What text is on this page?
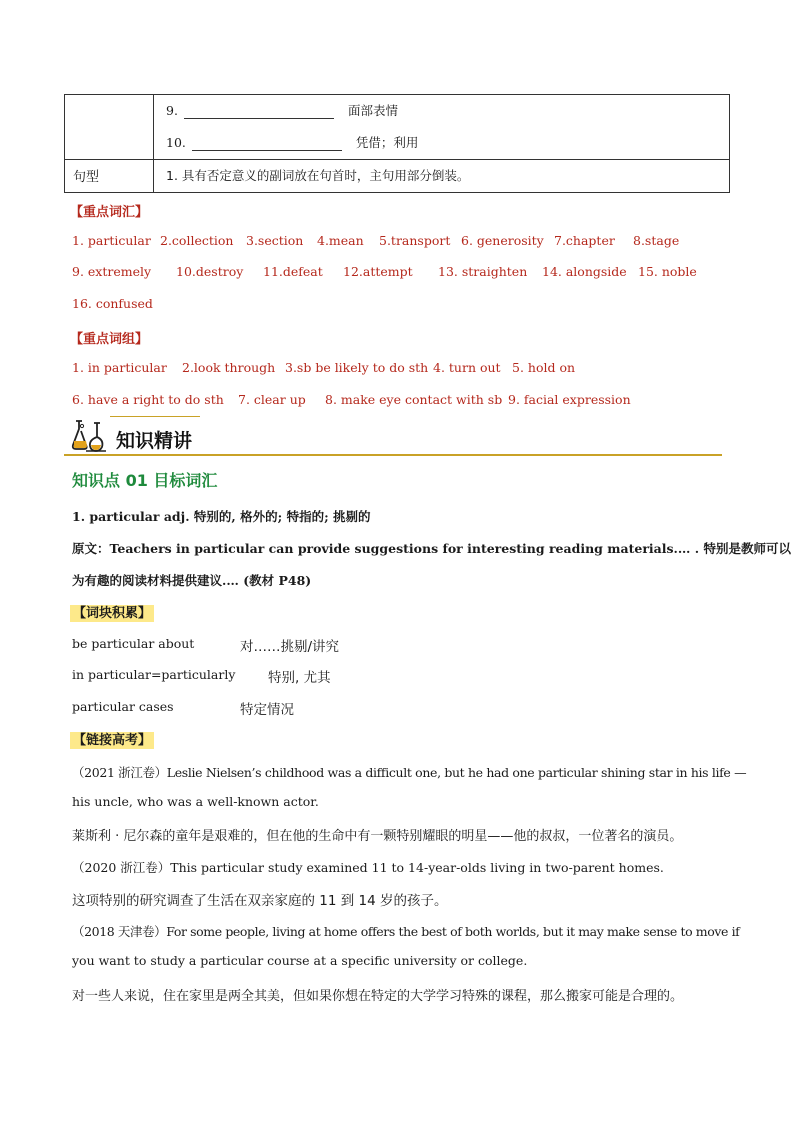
	9. 面部表情
10. 凭借；利用

句型	1. 具有否定意义的副词放在句首时，主句用部分倒装。
【重点词汇】
1. particular 2.collection 3.section 4.mean 5.transport 6. generosity 7.chapter 8.stage
9. extremely 10.destroy 11.defeat 12.attempt 13. straighten 14. alongside 15. noble
16. confused
【重点词组】
1. in particular 2.look through 3.sb be likely to do sth 4. turn out 5. hold on
6. have a right to do sth 7. clear up 8. make eye contact with sb 9. facial expression
知识精讲
知识点 01 目标词汇
1. particular adj. 特别的, 格外的; 特指的; 挑剔的
原文：Teachers in particular can provide suggestions for interesting reading materials.… . 特别是教师可以
为有趣的阅读材料提供建议.… (教材 P48)
【词块积累】
be particular about	对……挑剔/讲究
in particular=particularly 特别, 尤其
particular cases	特定情况
【链接高考】
（2021 浙江卷）Leslie Nielsen’s childhood was a difficult one, but he had one particular shining star in his life —
his uncle, who was a well-known actor.
莱斯利 · 尼尔森的童年是艰难的，但在他的生命中有一颗特别耀眼的明星——他的叔叔，一位著名的演员。
（2020 浙江卷）This particular study examined 11 to 14-year-olds living in two-parent homes.
这项特别的研究调查了生活在双亲家庭的 11 到 14 岁的孩子。
（2018 天津卷）For some people, living at home offers the best of both worlds, but it may make sense to move if
you want to study a particular course at a specific university or college.
对一些人来说，住在家里是两全其美，但如果你想在特定的大学学习特殊的课程，那么搬家可能是合理的。
